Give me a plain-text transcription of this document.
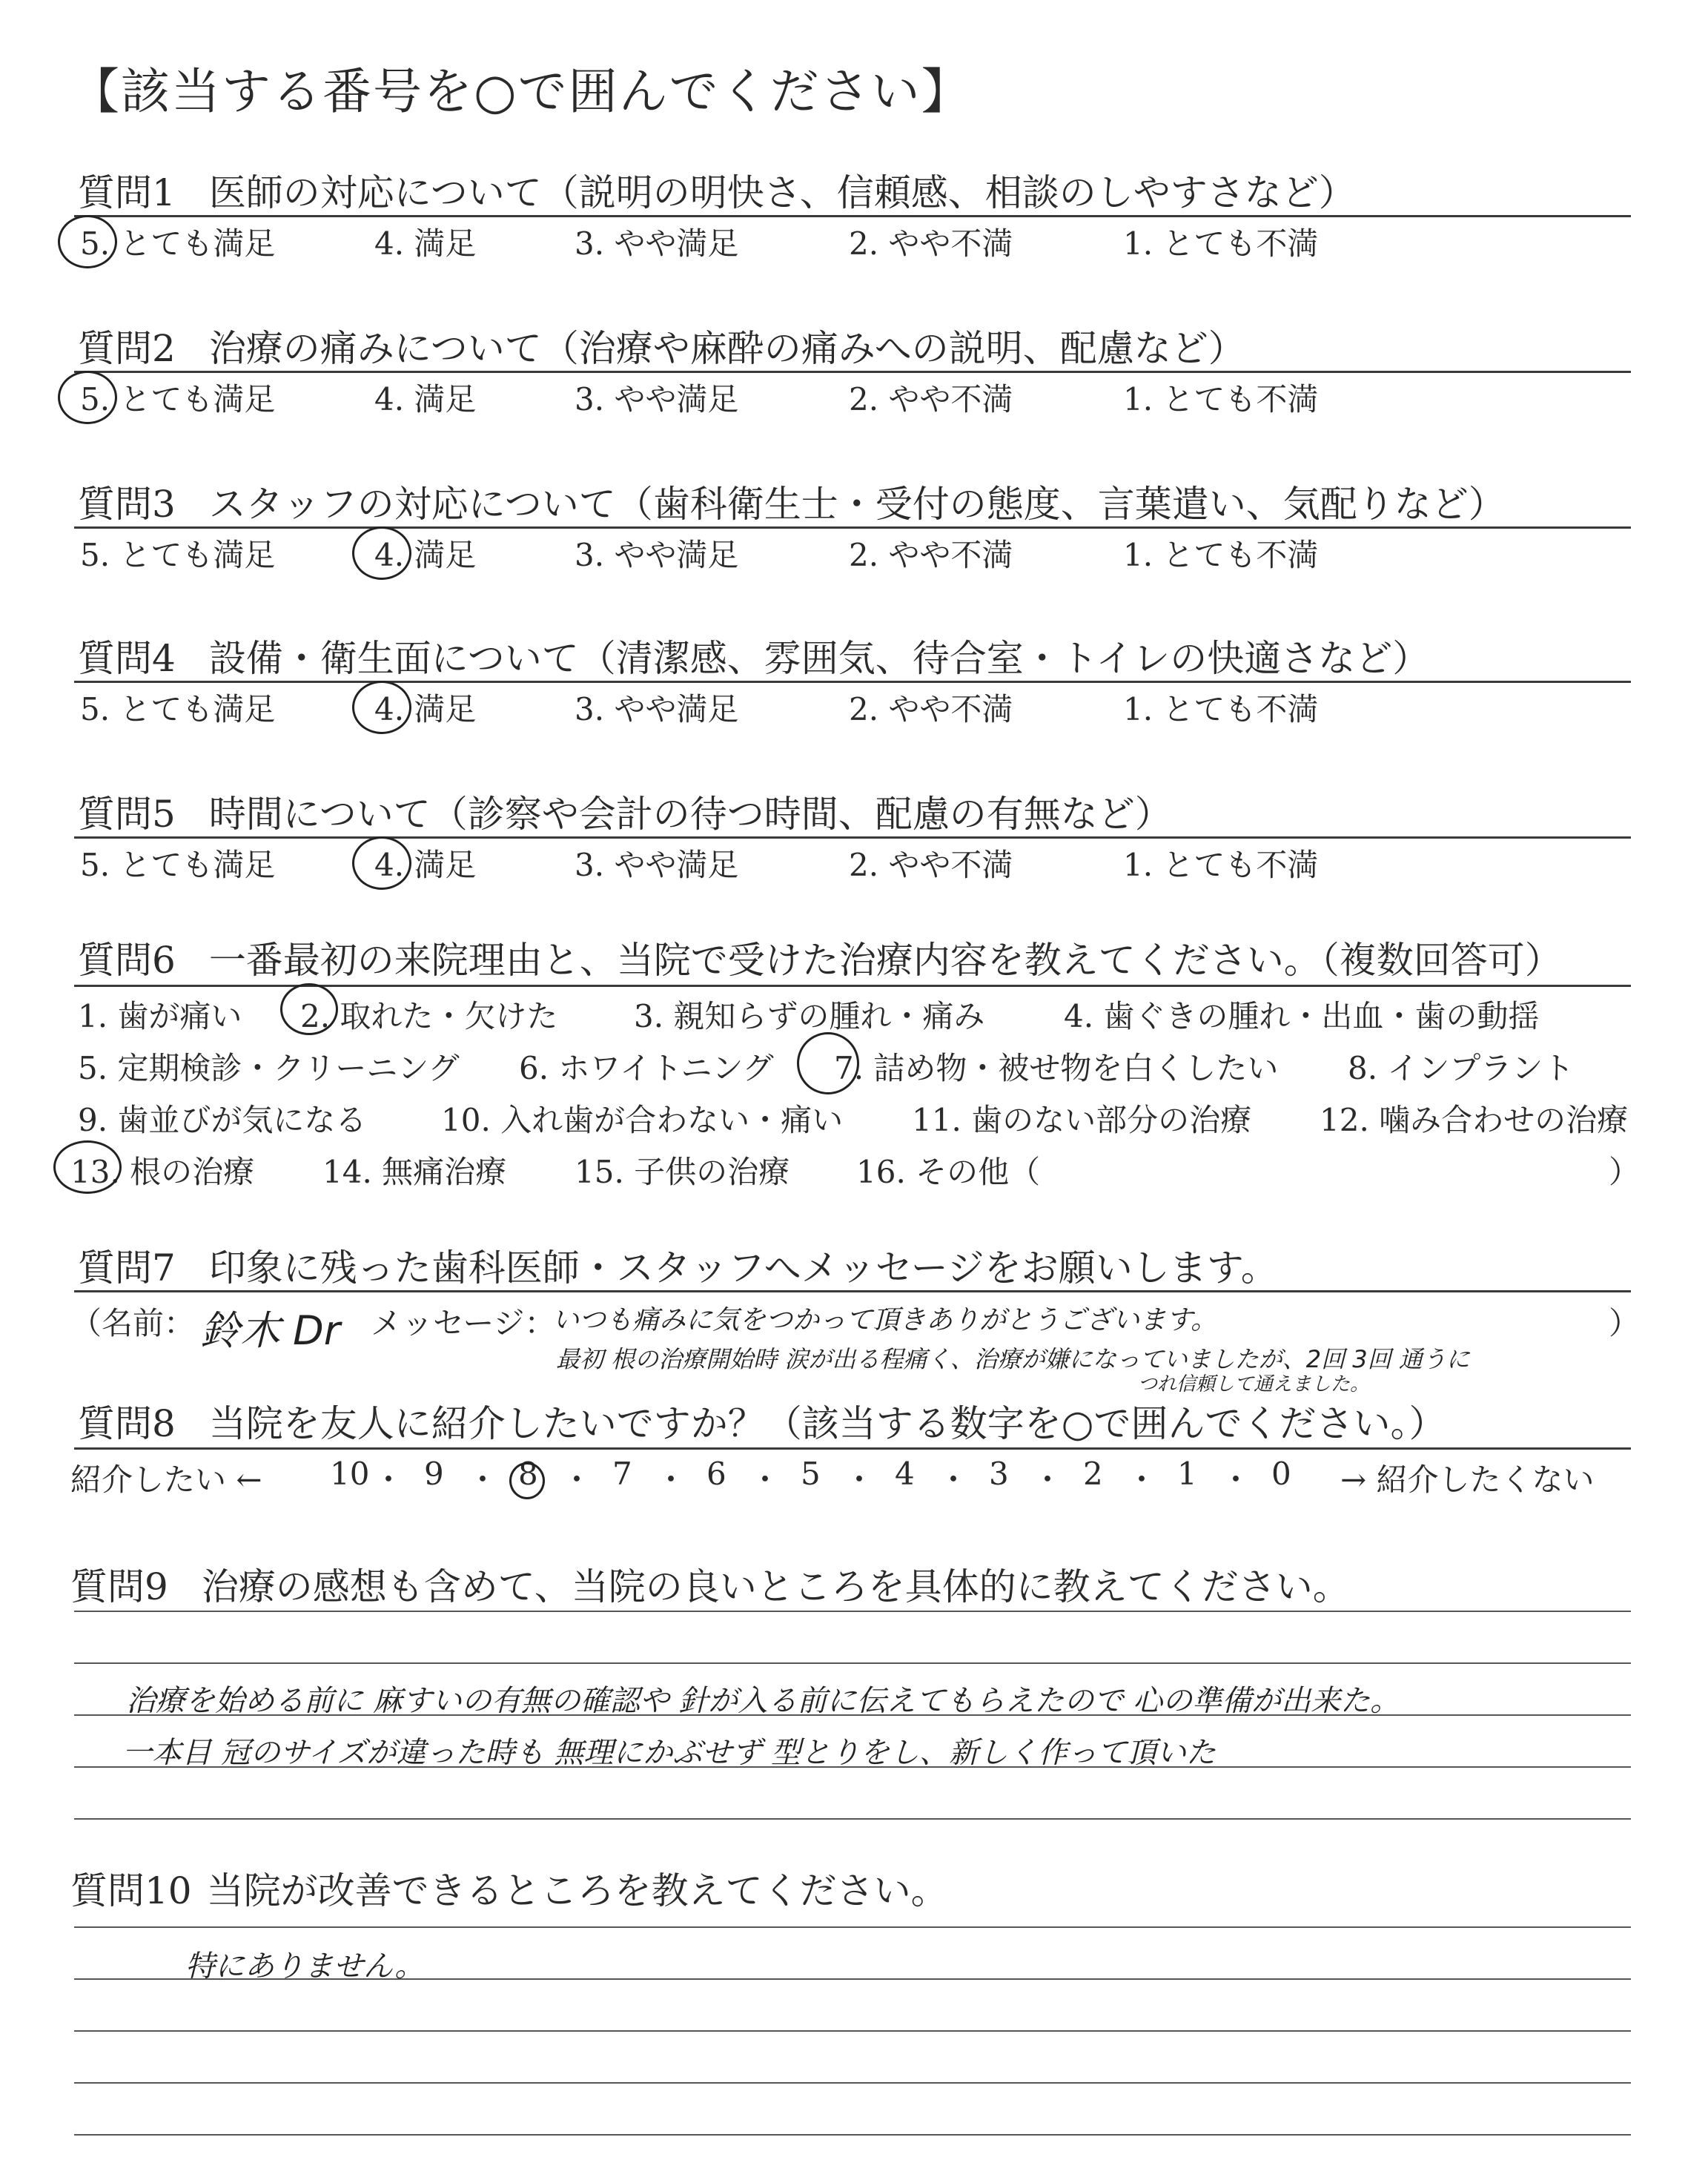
【該当する番号を○で囲んでください】
質問1 医師の対応について（説明の明快さ、信頼感、相談のしやすさなど）
5. とても満足	4. 満足	3. やや満足	2. やや不満	1. とても不満
質問2 治療の痛みについて（治療や麻酔の痛みへの説明、配慮など）
5. とても満足	4. 満足	3. やや満足	2. やや不満	1. とても不満
質問3 スタッフの対応について（歯科衛生士・受付の態度、言葉遣い、気配りなど）
5. とても満足	4. 満足	3. やや満足	2. やや不満	1. とても不満
質問4 設備・衛生面について（清潔感、雰囲気、待合室・トイレの快適さなど）
5. とても満足	4. 満足	3. やや満足	2. やや不満	1. とても不満
質問5 時間について（診察や会計の待つ時間、配慮の有無など）
5. とても満足	4. 満足	3. やや満足	2. やや不満	1. とても不満
質問6 一番最初の来院理由と、当院で受けた治療内容を教えてください。（複数回答可）
1. 歯が痛い 2. 取れた・欠けた 3. 親知らずの腫れ・痛み	4. 歯ぐきの腫れ・出血・歯の動揺
5. 定期検診・クリーニング 6. ホワイトニング 7. 詰め物・被せ物を白くしたい 8. インプラント
9. 歯並びが気になる 10. 入れ歯が合わない・痛い 11. 歯のない部分の治療 12. 噛み合わせの治療
13. 根の治療 14. 無痛治療 15. 子供の治療 16. その他（	）
質問7 印象に残った歯科医師・スタッフへメッセージをお願いします。
（名前： 鈴木 Dr メッセージ：
いつも痛みに気をつかって頂きありがとうございます。	）
最初 根の治療開始時 涙が出る程痛く、治療が嫌になっていましたが、2回 3回 通うに
つれ信頼して通えました。
質問8 当院を友人に紹介したいですか？（該当する数字を○で囲んでください。）
紹介したい ← 10 ・ 9 ・ 8 ・ 7 ・ 6 ・ 5 ・ 4 ・ 3 ・ 2 ・ 1 ・ 0 → 紹介したくない
質問9 治療の感想も含めて、当院の良いところを具体的に教えてください。
治療を始める前に 麻すいの有無の確認や 針が入る前に伝えてもらえたので 心の準備が出来た。
一本目 冠のサイズが違った時も 無理にかぶせず 型とりをし、新しく作って頂いた
質問10 当院が改善できるところを教えてください。
特にありません。
